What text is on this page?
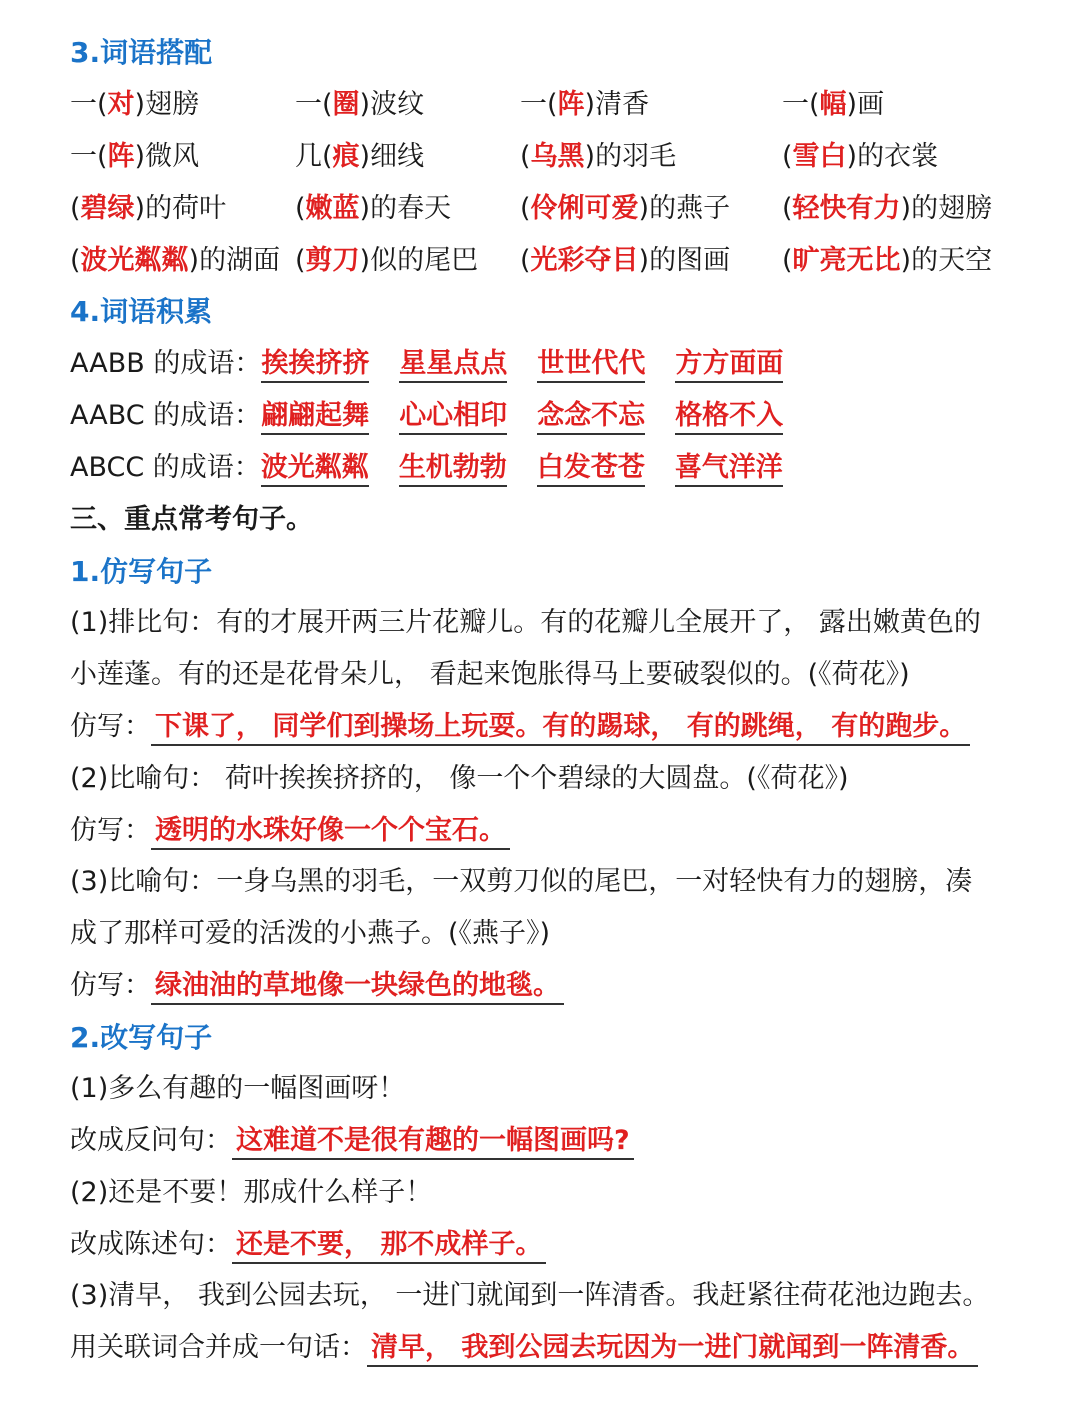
3.词语搭配
一(对)翅膀	一(圈)波纹	一(阵)清香	一(幅)画
一(阵)微风	几(痕)细线	(乌黑)的羽毛	(雪白)的衣裳
(碧绿)的荷叶	(嫩蓝)的春天	(伶俐可爱)的燕子 (轻快有力)的翅膀
(波光粼粼)的湖面 (剪刀)似的尾巴 (光彩夺目)的图画 (旷亮无比)的天空
4.词语积累
AABB 的成语：挨挨挤挤 星星点点 世世代代 方方面面
AABC 的成语：翩翩起舞 心心相印 念念不忘 格格不入
ABCC 的成语：波光粼粼 生机勃勃 白发苍苍 喜气洋洋
三、重点常考句子。
1.仿写句子
(1)排比句：有的才展开两三片花瓣儿。有的花瓣儿全展开了， 露出嫩黄色的
小莲蓬。有的还是花骨朵儿， 看起来饱胀得马上要破裂似的。(《荷花》)
仿写： 下课了， 同学们到操场上玩耍。有的踢球， 有的跳绳， 有的跑步。
(2)比喻句： 荷叶挨挨挤挤的， 像一个个碧绿的大圆盘。(《荷花》)
仿写： 透明的水珠好像一个个宝石。
(3)比喻句：一身乌黑的羽毛，一双剪刀似的尾巴，一对轻快有力的翅膀，凑
成了那样可爱的活泼的小燕子。(《燕子》)
仿写： 绿油油的草地像一块绿色的地毯。
2.改写句子
(1)多么有趣的一幅图画呀！
改成反问句： 这难道不是很有趣的一幅图画吗?
(2)还是不要！那成什么样子！
改成陈述句： 还是不要， 那不成样子。
(3)清早， 我到公园去玩， 一进门就闻到一阵清香。我赶紧往荷花池边跑去。
用关联词合并成一句话： 清早， 我到公园去玩因为一进门就闻到一阵清香。
